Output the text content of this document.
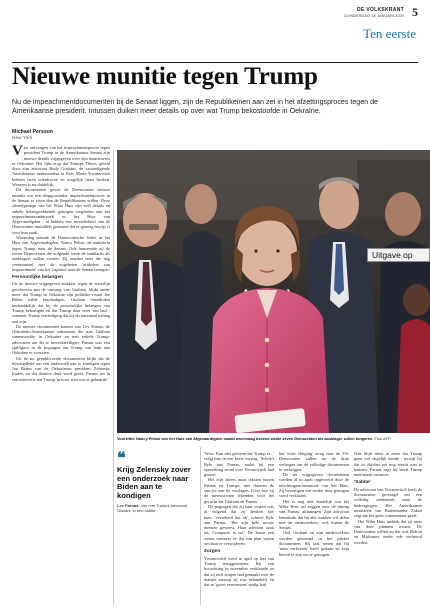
DE VOLKSKRANT
DONDERDAG 16 JANUARI 2020 5
Ten eerste
Nieuwe munitie tegen Trump

Nu de impeachmentdocumenten bij de Senaat liggen, zijn de Republikeinen aan zet in het afzettingsproces tegen de Amerikaanse president. Intussen duiken meer details op over wat Trump bekostoofde in Oekraïne.

Michael Persson
New York

Vier ontvangen van het impeachmentproces tegen president Trump in de Amerikaanse Senaat zijn nieuwe details vrijgegeven over zijn manoeuvres in Oekraïne. Het fijht erop dat Trumps Thiers, geleid door zijn advocaat Rudy Giuliani, de zwaardigende Amerikaanse ambassadeur in Kiev Marie Yovanovitch hebben laten schaduwen en mogelijk laten hacken. Waarom is nu duidelijk.

De documenten geven de Democraten nieuwe munitie om een diepgravender impeachmentproces in de Senaat te eisen dan de Republikeinen willen. Deze sleutelgetuige van het Witte Huis zijn veel details en enkele belangwekkende getuigen toegelaten aan het impeachmentonderzoek in het Huis van Afgevaardigden - al hebben een meerderheid van de Democraten inmiddels gesteund dat er genoeg bewijs is voor hun zaak.

Woensdag stemde de Democratische leider in het Huis van Afgevaardigden, Nancy Pelosi, de aanklacht tegen Trump naar de Senaat. Ook benoemde zij de zeven Democraten die volgende week de aanklacht als aanklagers zullen voeren. Zij zouden later die dag ceremonieel met de zogeheten 'artikelen van impeachment' van het Capitool naar de Senaat brengen.

Persoonlijke belangen

Uit de nieuwe vrijgegeven stukken, tegen de waterlijn geschreven aan de omvang van Giuliani, blijkt onder meer dat Trump in Oekraïne zijn politieke rivaal Joe Biden wilde beschadigen. Giuliani benadrukte herhaaldelijk dat hij de persoonlijke belangen van Trump behartigde en dat Trump daar weet van had - wanneer Trump verdediging dat hij als nationaal belang zou zijn.

De nieuwe documenten komen van Lev Parnas, de Oekraïens-Amerikaanse zakenman die met Giuliani samenwerkte in Oekraïne en met enkele Trump-advocaten om dit te bewerkstelligen. Parnas was een spilfiguur in de pogingen om Trump van hulp aan Oekraïne te voorzien.

Uit de nu gepubliceerde documenten blijkt dat de bevoegdheid om een onderzoek aan te kondigen tegen Joe Biden van de Oekraïense president Zelensky kwam, en dat daartoe druk werd gezet. Parnas zei in een interview dat Trump 'precies wist wat er gebeurde'.

Uitgave op
Voorzitter Nancy Pelosi van het Huis van Afgevaardigden maakt woensdag bekend welke zeven Democraten als aanklager zullen fungeren. Foto AFP
❝
Krijg Zelensky zover een onderzoek naar Biden aan te kondigen
Lev Parnas, hier met Trumps advocaat Giuliani, in een notitie

'Wow. Kan niet geloven dat Trump er...' volgt hier in een korte verslag. 'Schrijft Ryle aan Parnas, nadat bij een opmerking stond over Yovanovitch had gezien.

Het zijn alleen maar teksten tussen Parnas en Trumps, niet daarom de sms'jes van de verslagen. Over hoe zij de nieuwsfeiten tekenden voor het gerucht dat Giuliani en Parnas.

De pogingen dat zij haar wisten was al volgend dat zij denken hoe men...'verzekerd het ok', schreef Ryle aan Parnas. 'Het zijn hele mooie mensen geweest. Haar telefoon staat uit. Computer is uit.' De latere een weten wanneer ze dat van plan waren om haar te verwijderen.

Zorgen

Yovanovitch werd in april op last van Trump teruggeroepen. Bij een hoorzitting in november verklaarde ze dat zij zich zorgen had gemaakt over de manier waarop zij was behandeld, en dat ze 'groot vertrouwen' nodig had.

het 'erste vlieging' terug naar de VS. Democraten zullen nu de druk verhogen om de volledige documenten te verkrijgen.

De nu vrijgegeven documenten worden al in april opgevoerd door de inlichtingencommissie van het Huis. Zij bevestigen wat eerder door getuigen werd verklaard.

Het is nog niet duidelijk wat het Witte Huis zal zeggen over de timing van Parnas' uitlatingen. Zijn advocaat benadrukt dat hij alle stukken wil delen met de onderzoekers, ook buiten de Senaat.

Ook Giuliani en zijn medewerkers worden genoemd in het pakket documenten. Hij laat weten dat hij 'niets verkeerds' heeft gedaan en zegt bereid te zijn om te getuigen.

Ook blijft niets in meer dat Trump geen wel degelijk kende - terwijl hij dat in oktober zei nog steeds niet te kennen. Parnas zegt hij heeft Trump meermaals ontmoet.

'Sabbe'

De advocaat van Yovanovitch heeft de documenten gevraagd om een volledig onderzoek naar de bedreigingen. Het Amerikaanse ministerie van Buitenlandse Zaken zegt dat het geen commentaar geeft.

Het Witte Huis meldde dat zij niets van deze plannen wisten. De Democraten willen nu dat ook Bolton en Mulvaney onder ede verhoord worden.
